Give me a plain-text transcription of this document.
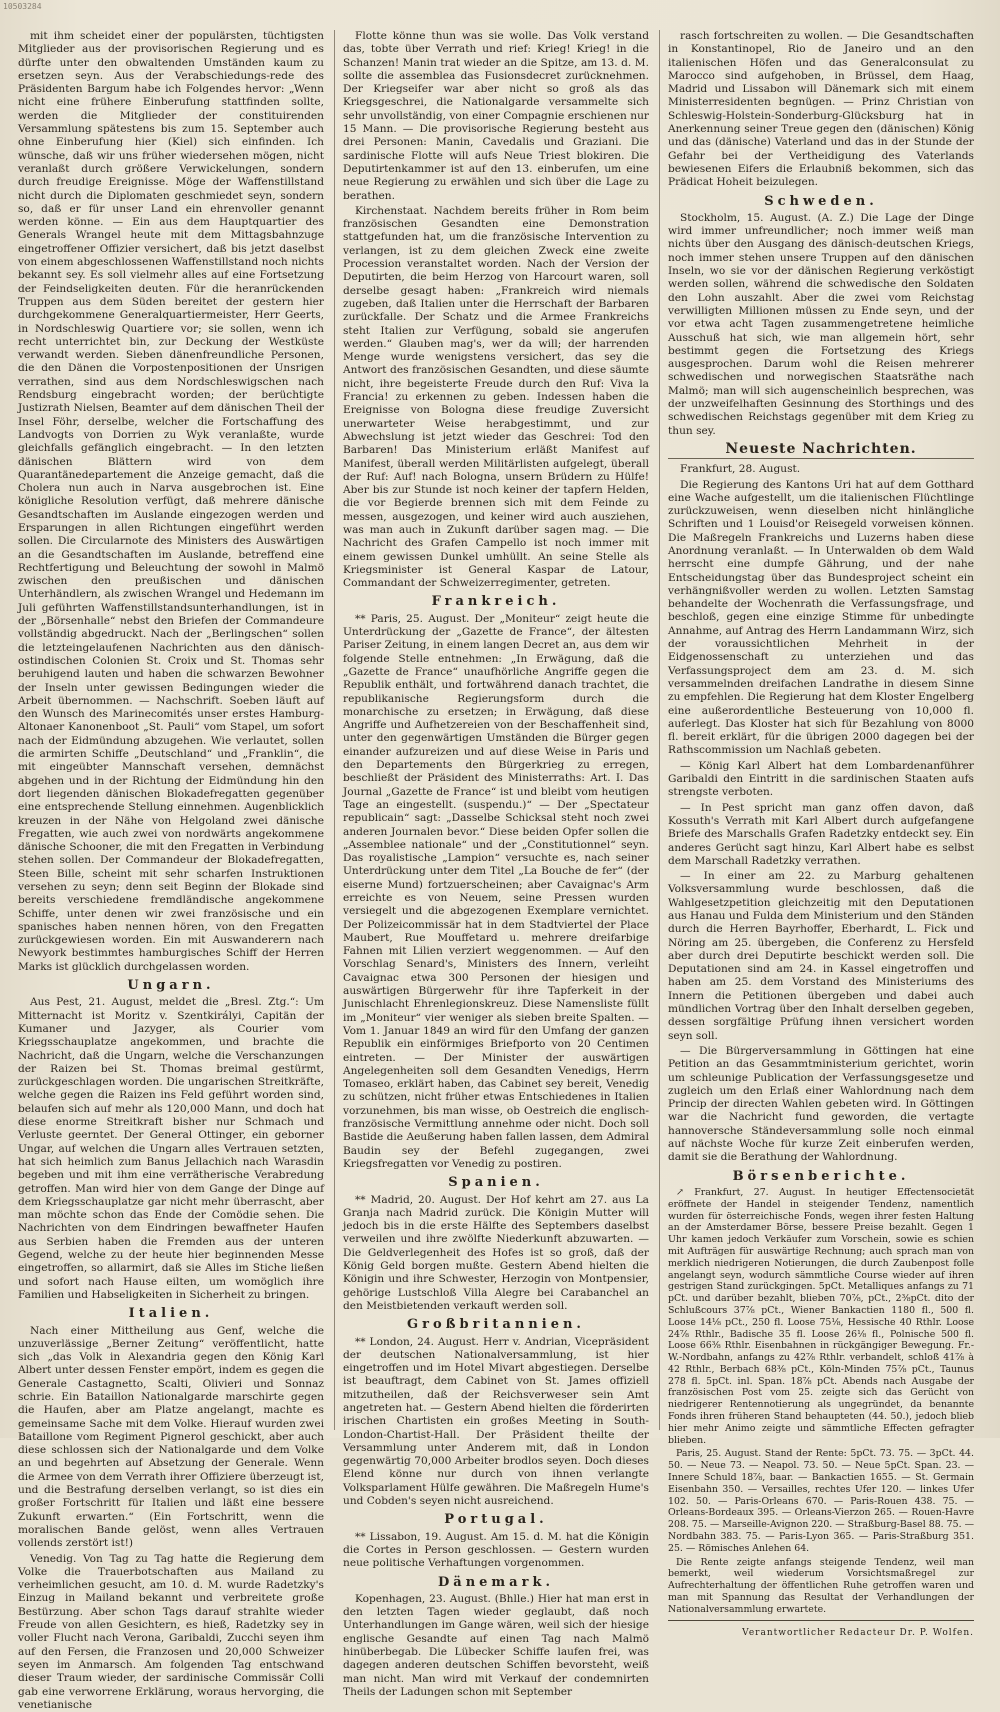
10503284

mit ihm scheidet einer der populärsten, tüchtigsten Mitglieder aus der provisorischen Regierung und es dürfte unter den obwaltenden Umständen kaum zu ersetzen seyn. Aus der Verabschiedungs-rede des Präsidenten Bargum habe ich Folgendes hervor: „Wenn nicht eine frühere Einberufung stattfinden sollte, werden die Mitglieder der constituirenden Versammlung spätestens bis zum 15. September auch ohne Einberufung hier (Kiel) sich einfinden. Ich wünsche, daß wir uns früher wiedersehen mögen, nicht veranlaßt durch größere Verwickelungen, sondern durch freudige Ereignisse. Möge der Waffenstillstand nicht durch die Diplomaten geschmiedet seyn, sondern so, daß er für unser Land ein ehrenvoller genannt werden könne. — Ein aus dem Hauptquartier des Generals Wrangel heute mit dem Mittagsbahnzuge eingetroffener Offizier versichert, daß bis jetzt daselbst von einem abgeschlossenen Waffenstillstand noch nichts bekannt sey. Es soll vielmehr alles auf eine Fortsetzung der Feindseligkeiten deuten. Für die heranrückenden Truppen aus dem Süden bereitet der gestern hier durchgekommene Generalquartiermeister, Herr Geerts, in Nordschleswig Quartiere vor; sie sollen, wenn ich recht unterrichtet bin, zur Deckung der Westküste verwandt werden. Sieben dänenfreundliche Personen, die den Dänen die Vorpostenpositionen der Unsrigen verrathen, sind aus dem Nordschleswigschen nach Rendsburg eingebracht worden; der berüchtigte Justizrath Nielsen, Beamter auf dem dänischen Theil der Insel Föhr, derselbe, welcher die Fortschaffung des Landvogts von Dorrien zu Wyk veranlaßte, wurde gleichfalls gefänglich eingebracht. — In den letzten dänischen Blättern wird von dem Quarantänedepartement die Anzeige gemacht, daß die Cholera nun auch in Narva ausgebrochen ist. Eine königliche Resolution verfügt, daß mehrere dänische Gesandtschaften im Auslande eingezogen werden und Ersparungen in allen Richtungen eingeführt werden sollen. Die Circularnote des Ministers des Auswärtigen an die Gesandtschaften im Auslande, betreffend eine Rechtfertigung und Beleuchtung der sowohl in Malmö zwischen den preußischen und dänischen Unterhändlern, als zwischen Wrangel und Hedemann im Juli geführten Waffenstillstandsunterhandlungen, ist in der „Börsenhalle“ nebst den Briefen der Commandeure vollständig abgedruckt. Nach der „Berlingschen“ sollen die letzteingelaufenen Nachrichten aus den dänisch-ostindischen Colonien St. Croix und St. Thomas sehr beruhigend lauten und haben die schwarzen Bewohner der Inseln unter gewissen Bedingungen wieder die Arbeit übernommen. — Nachschrift. Soeben läuft auf den Wunsch des Marinecomités unser erstes Hamburg-Altonaer Kanonenboot „St. Pauli“ vom Stapel, um sofort nach der Eidmündung abzugehen. Wie verlautet, sollen die armirten Schiffe „Deutschland“ und „Franklin“, die mit eingeübter Mannschaft versehen, demnächst abgehen und in der Richtung der Eidmündung hin den dort liegenden dänischen Blokadefregatten gegenüber eine entsprechende Stellung einnehmen. Augenblicklich kreuzen in der Nähe von Helgoland zwei dänische Fregatten, wie auch zwei von nordwärts angekommene dänische Schooner, die mit den Fregatten in Verbindung stehen sollen. Der Commandeur der Blokadefregatten, Steen Bille, scheint mit sehr scharfen Instruktionen versehen zu seyn; denn seit Beginn der Blokade sind bereits verschiedene fremdländische angekommene Schiffe, unter denen wir zwei französische und ein spanisches haben nennen hören, von den Fregatten zurückgewiesen worden. Ein mit Auswanderern nach Newyork bestimmtes hamburgisches Schiff der Herren Marks ist glücklich durchgelassen worden.

Ungarn.

Aus Pest, 21. August, meldet die „Bresl. Ztg.“: Um Mitternacht ist Moritz v. Szentkirályi, Capitän der Kumaner und Jazyger, als Courier vom Kriegsschauplatze angekommen, und brachte die Nachricht, daß die Ungarn, welche die Verschanzungen der Raizen bei St. Thomas breimal gestürmt, zurückgeschlagen worden. Die ungarischen Streitkräfte, welche gegen die Raizen ins Feld geführt worden sind, belaufen sich auf mehr als 120,000 Mann, und doch hat diese enorme Streitkraft bisher nur Schmach und Verluste geerntet. Der General Ottinger, ein geborner Ungar, auf welchen die Ungarn alles Vertrauen setzten, hat sich heimlich zum Banus Jellachich nach Warasdin begeben und mit ihm eine verrätherische Verabredung getroffen. Man wird hier von dem Gange der Dinge auf dem Kriegsschauplatze gar nicht mehr überrascht, aber man möchte schon das Ende der Comödie sehen. Die Nachrichten von dem Eindringen bewaffneter Haufen aus Serbien haben die Fremden aus der unteren Gegend, welche zu der heute hier beginnenden Messe eingetroffen, so allarmirt, daß sie Alles im Stiche ließen und sofort nach Hause eilten, um womöglich ihre Familien und Habseligkeiten in Sicherheit zu bringen.

Italien.

Nach einer Mittheilung aus Genf, welche die unzuverlässige „Berner Zeitung“ veröffentlicht, hatte sich „das Volk in Alexandria gegen den König Karl Albert unter dessen Fenster empört, indem es gegen die Generale Castagnetto, Scalti, Olivieri und Sonnaz schrie. Ein Bataillon Nationalgarde marschirte gegen die Haufen, aber am Platze angelangt, machte es gemeinsame Sache mit dem Volke. Hierauf wurden zwei Bataillone vom Regiment Pignerol geschickt, aber auch diese schlossen sich der Nationalgarde und dem Volke an und begehrten auf Absetzung der Generale. Wenn die Armee von dem Verrath ihrer Offiziere überzeugt ist, und die Bestrafung derselben verlangt, so ist dies ein großer Fortschritt für Italien und läßt eine bessere Zukunft erwarten.“ (Ein Fortschritt, wenn die moralischen Bande gelöst, wenn alles Vertrauen vollends zerstört ist!)

Venedig. Von Tag zu Tag hatte die Regierung dem Volke die Trauerbotschaften aus Mailand zu verheimlichen gesucht, am 10. d. M. wurde Radetzky's Einzug in Mailand bekannt und verbreitete große Bestürzung. Aber schon Tags darauf strahlte wieder Freude von allen Gesichtern, es hieß, Radetzky sey in voller Flucht nach Verona, Garibaldi, Zucchi seyen ihm auf den Fersen, die Franzosen und 20,000 Schweizer seyen im Anmarsch. Am folgenden Tag entschwand dieser Traum wieder, der sardinische Commissär Colli gab eine verworrene Erklärung, woraus hervorging, die venetianische

Flotte könne thun was sie wolle. Das Volk verstand das, tobte über Verrath und rief: Krieg! Krieg! in die Schanzen! Manin trat wieder an die Spitze, am 13. d. M. sollte die assemblea das Fusionsdecret zurücknehmen. Der Kriegseifer war aber nicht so groß als das Kriegsgeschrei, die Nationalgarde versammelte sich sehr unvollständig, von einer Compagnie erschienen nur 15 Mann. — Die provisorische Regierung besteht aus drei Personen: Manin, Cavedalis und Graziani. Die sardinische Flotte will aufs Neue Triest blokiren. Die Deputirtenkammer ist auf den 13. einberufen, um eine neue Regierung zu erwählen und sich über die Lage zu berathen.

Kirchenstaat. Nachdem bereits früher in Rom beim französischen Gesandten eine Demonstration stattgefunden hat, um die französische Intervention zu verlangen, ist zu dem gleichen Zweck eine zweite Procession veranstaltet worden. Nach der Version der Deputirten, die beim Herzog von Harcourt waren, soll derselbe gesagt haben: „Frankreich wird niemals zugeben, daß Italien unter die Herrschaft der Barbaren zurückfalle. Der Schatz und die Armee Frankreichs steht Italien zur Verfügung, sobald sie angerufen werden.“ Glauben mag's, wer da will; der harrenden Menge wurde wenigstens versichert, das sey die Antwort des französischen Gesandten, und diese säumte nicht, ihre begeisterte Freude durch den Ruf: Viva la Francia! zu erkennen zu geben. Indessen haben die Ereignisse von Bologna diese freudige Zuversicht unerwarteter Weise herabgestimmt, und zur Abwechslung ist jetzt wieder das Geschrei: Tod den Barbaren! Das Ministerium erläßt Manifest auf Manifest, überall werden Militärlisten aufgelegt, überall der Ruf: Auf! nach Bologna, unsern Brüdern zu Hülfe! Aber bis zur Stunde ist noch keiner der tapfern Helden, die vor Begierde brennen sich mit dem Feinde zu messen, ausgezogen, und keiner wird auch ausziehen, was man auch in Zukunft darüber sagen mag. — Die Nachricht des Grafen Campello ist noch immer mit einem gewissen Dunkel umhüllt. An seine Stelle als Kriegsminister ist General Kaspar de Latour, Commandant der Schweizerregimenter, getreten.

Frankreich.

** Paris, 25. August. Der „Moniteur“ zeigt heute die Unterdrückung der „Gazette de France“, der ältesten Pariser Zeitung, in einem langen Decret an, aus dem wir folgende Stelle entnehmen: „In Erwägung, daß die „Gazette de France“ unaufhörliche Angriffe gegen die Republik enthält, und fortwährend danach trachtet, die republikanische Regierungsform durch die monarchische zu ersetzen; in Erwägung, daß diese Angriffe und Aufhetzereien von der Beschaffenheit sind, unter den gegenwärtigen Umständen die Bürger gegen einander aufzureizen und auf diese Weise in Paris und den Departements den Bürgerkrieg zu erregen, beschließt der Präsident des Ministerraths: Art. I. Das Journal „Gazette de France“ ist und bleibt vom heutigen Tage an eingestellt. (suspendu.)“ — Der „Spectateur republicain“ sagt: „Dasselbe Schicksal steht noch zwei anderen Journalen bevor.“ Diese beiden Opfer sollen die „Assemblee nationale“ und der „Constitutionnel“ seyn. Das royalistische „Lampion“ versuchte es, nach seiner Unterdrückung unter dem Titel „La Bouche de fer“ (der eiserne Mund) fortzuerscheinen; aber Cavaignac's Arm erreichte es von Neuem, seine Pressen wurden versiegelt und die abgezogenen Exemplare vernichtet. Der Polizeicommissär hat in dem Stadtviertel der Place Maubert, Rue Mouffetard u. mehrere dreifarbige Fahnen mit Lilien verziert weggenommen. — Auf den Vorschlag Senard's, Ministers des Innern, verleiht Cavaignac etwa 300 Personen der hiesigen und auswärtigen Bürgerwehr für ihre Tapferkeit in der Junischlacht Ehrenlegionskreuz. Diese Namensliste füllt im „Moniteur“ vier weniger als sieben breite Spalten. — Vom 1. Januar 1849 an wird für den Umfang der ganzen Republik ein einförmiges Briefporto von 20 Centimen eintreten. — Der Minister der auswärtigen Angelegenheiten soll dem Gesandten Venedigs, Herrn Tomaseo, erklärt haben, das Cabinet sey bereit, Venedig zu schützen, nicht früher etwas Entschiedenes in Italien vorzunehmen, bis man wisse, ob Oestreich die englisch-französische Vermittlung annehme oder nicht. Doch soll Bastide die Aeußerung haben fallen lassen, dem Admiral Baudin sey der Befehl zugegangen, zwei Kriegsfregatten vor Venedig zu postiren.

Spanien.

** Madrid, 20. August. Der Hof kehrt am 27. aus La Granja nach Madrid zurück. Die Königin Mutter will jedoch bis in die erste Hälfte des Septembers daselbst verweilen und ihre zwölfte Niederkunft abzuwarten. — Die Geldverlegenheit des Hofes ist so groß, daß der König Geld borgen mußte. Gestern Abend hielten die Königin und ihre Schwester, Herzogin von Montpensier, gehörige Lustschloß Villa Alegre bei Carabanchel an den Meistbietenden verkauft werden soll.

Großbritannien.

** London, 24. August. Herr v. Andrian, Vicepräsident der deutschen Nationalversammlung, ist hier eingetroffen und im Hotel Mivart abgestiegen. Derselbe ist beauftragt, dem Cabinet von St. James offiziell mitzutheilen, daß der Reichsverweser sein Amt angetreten hat. — Gestern Abend hielten die förderirten irischen Chartisten ein großes Meeting in South-London-Chartist-Hall. Der Präsident theilte der Versammlung unter Anderem mit, daß in London gegenwärtig 70,000 Arbeiter brodlos seyen. Doch dieses Elend könne nur durch von ihnen verlangte Volksparlament Hülfe gewähren. Die Maßregeln Hume's und Cobden's seyen nicht ausreichend.

Portugal.

** Lissabon, 19. August. Am 15. d. M. hat die Königin die Cortes in Person geschlossen. — Gestern wurden neue politische Verhaftungen vorgenommen.

Dänemark.

Kopenhagen, 23. August. (Bhlle.) Hier hat man erst in den letzten Tagen wieder geglaubt, daß noch Unterhandlungen im Gange wären, weil sich der hiesige englische Gesandte auf einen Tag nach Malmö hinüberbegab. Die Lübecker Schiffe laufen frei, was dagegen anderen deutschen Schiffen bevorsteht, weiß man nicht. Man wird mit Verkauf der condemnirten Theils der Ladungen schon mit September

rasch fortschreiten zu wollen. — Die Gesandtschaften in Konstantinopel, Rio de Janeiro und an den italienischen Höfen und das Generalconsulat zu Marocco sind aufgehoben, in Brüssel, dem Haag, Madrid und Lissabon will Dänemark sich mit einem Ministerresidenten begnügen. — Prinz Christian von Schleswig-Holstein-Sonderburg-Glücksburg hat in Anerkennung seiner Treue gegen den (dänischen) König und das (dänische) Vaterland und das in der Stunde der Gefahr bei der Vertheidigung des Vaterlands bewiesenen Eifers die Erlaubniß bekommen, sich das Prädicat Hoheit beizulegen.

Schweden.

Stockholm, 15. August. (A. Z.) Die Lage der Dinge wird immer unfreundlicher; noch immer weiß man nichts über den Ausgang des dänisch-deutschen Kriegs, noch immer stehen unsere Truppen auf den dänischen Inseln, wo sie vor der dänischen Regierung verköstigt werden sollen, während die schwedische den Soldaten den Lohn auszahlt. Aber die zwei vom Reichstag verwilligten Millionen müssen zu Ende seyn, und der vor etwa acht Tagen zusammengetretene heimliche Ausschuß hat sich, wie man allgemein hört, sehr bestimmt gegen die Fortsetzung des Kriegs ausgesprochen. Darum wohl die Reisen mehrerer schwedischen und norwegischen Staatsräthe nach Malmö; man will sich augenscheinlich besprechen, was der unzweifelhaften Gesinnung des Storthings und des schwedischen Reichstags gegenüber mit dem Krieg zu thun sey.

Neueste Nachrichten.

Frankfurt, 28. August.

Die Regierung des Kantons Uri hat auf dem Gotthard eine Wache aufgestellt, um die italienischen Flüchtlinge zurückzuweisen, wenn dieselben nicht hinlängliche Schriften und 1 Louisd'or Reisegeld vorweisen können. Die Maßregeln Frankreichs und Luzerns haben diese Anordnung veranlaßt. — In Unterwalden ob dem Wald herrscht eine dumpfe Gährung, und der nahe Entscheidungstag über das Bundesproject scheint ein verhängnißvoller werden zu wollen. Letzten Samstag behandelte der Wochenrath die Verfassungsfrage, und beschloß, gegen eine einzige Stimme für unbedingte Annahme, auf Antrag des Herrn Landammann Wirz, sich der voraussichtlichen Mehrheit in der Eidgenossenschaft zu unterziehen und das Verfassungsproject dem am 23. d. M. sich versammelnden dreifachen Landrathe in diesem Sinne zu empfehlen. Die Regierung hat dem Kloster Engelberg eine außerordentliche Besteuerung von 10,000 fl. auferlegt. Das Kloster hat sich für Bezahlung von 8000 fl. bereit erklärt, für die übrigen 2000 dagegen bei der Rathscommission um Nachlaß gebeten.

— König Karl Albert hat dem Lombardenanführer Garibaldi den Eintritt in die sardinischen Staaten aufs strengste verboten.

— In Pest spricht man ganz offen davon, daß Kossuth's Verrath mit Karl Albert durch aufgefangene Briefe des Marschalls Grafen Radetzky entdeckt sey. Ein anderes Gerücht sagt hinzu, Karl Albert habe es selbst dem Marschall Radetzky verrathen.

— In einer am 22. zu Marburg gehaltenen Volksversammlung wurde beschlossen, daß die Wahlgesetzpetition gleichzeitig mit den Deputationen aus Hanau und Fulda dem Ministerium und den Ständen durch die Herren Bayrhoffer, Eberhardt, L. Fick und Nöring am 25. übergeben, die Conferenz zu Hersfeld aber durch drei Deputirte beschickt werden soll. Die Deputationen sind am 24. in Kassel eingetroffen und haben am 25. dem Vorstand des Ministeriums des Innern die Petitionen übergeben und dabei auch mündlichen Vortrag über den Inhalt derselben gegeben, dessen sorgfältige Prüfung ihnen versichert worden seyn soll.

— Die Bürgerversammlung in Göttingen hat eine Petition an das Gesammtministerium gerichtet, worin um schleunige Publication der Verfassungsgesetze und zugleich um den Erlaß einer Wahlordnung nach dem Princip der directen Wahlen gebeten wird. In Göttingen war die Nachricht fund geworden, die vertagte hannoversche Ständeversammlung solle noch einmal auf nächste Woche für kurze Zeit einberufen werden, damit sie die Berathung der Wahlordnung.

Börsenberichte.

↗ Frankfurt, 27. August. In heutiger Effectensocietät eröffnete der Handel in steigender Tendenz, namentlich wurden für österreichische Fonds, wegen ihrer festen Haltung an der Amsterdamer Börse, bessere Preise bezahlt. Gegen 1 Uhr kamen jedoch Verkäufer zum Vorschein, sowie es schien mit Aufträgen für auswärtige Rechnung; auch sprach man von merklich niedrigeren Notierungen, die durch Zaubenpost folle angelangt seyn, wodurch sämmtliche Course wieder auf ihren gestrigen Stand zurückgingen. 5pCt. Metalliques anfangs zu 71 pCt. und darüber bezahlt, blieben 70⅞, pCt., 2⅜pCt. dito der Schlußcours 37⅞ pCt., Wiener Bankactien 1180 fl., 500 fl. Loose 14⅛ pCt., 250 fl. Loose 75⅛, Hessische 40 Rthlr. Loose 24⅞ Rthlr., Badische 35 fl. Loose 26⅛ fl., Polnische 500 fl. Loose 66⅜ Rthlr. Eisenbahnen in rückgängiger Bewegung. Fr.-W.-Nordbahn, anfangs zu 42⅞ Rthlr. verbandelt, schloß 41⅞ à 42 Rthlr., Berbach 68⅜ pCt., Köln-Minden 75⅞ pCt., Taunus 278 fl. 5pCt. inl. Span. 18⅞ pCt. Abends nach Ausgabe der französischen Post vom 25. zeigte sich das Gerücht von niedrigerer Rentennotierung als ungegründet, da benannte Fonds ihren früheren Stand behaupteten (44. 50.), jedoch blieb hier mehr Animo zeigte und sämmtliche Effecten gefragter blieben.

Paris, 25. August. Stand der Rente: 5pCt. 73. 75. — 3pCt. 44. 50. — Neue 73. — Neapol. 73. 50. — Neue 5pCt. Span. 23. — Innere Schuld 18⅞, baar. — Bankactien 1655. — St. Germain Eisenbahn 350. — Versailles, rechtes Ufer 120. — linkes Ufer 102. 50. — Paris-Orleans 670. — Paris-Rouen 438. 75. — Orleans-Bordeaux 395. — Orleans-Vierzon 265. — Rouen-Havre 208. 75. — Marseille-Avignon 220. — Straßburg-Basel 88. 75. — Nordbahn 383. 75. — Paris-Lyon 365. — Paris-Straßburg 351. 25. — Römisches Anlehen 64.

Die Rente zeigte anfangs steigende Tendenz, weil man bemerkt, weil wiederum Vorsichtsmaßregel zur Aufrechterhaltung der öffentlichen Ruhe getroffen waren und man mit Spannung das Resultat der Verhandlungen der Nationalversammlung erwartete.

Verantwortlicher Redacteur Dr. P. Wolfen.
